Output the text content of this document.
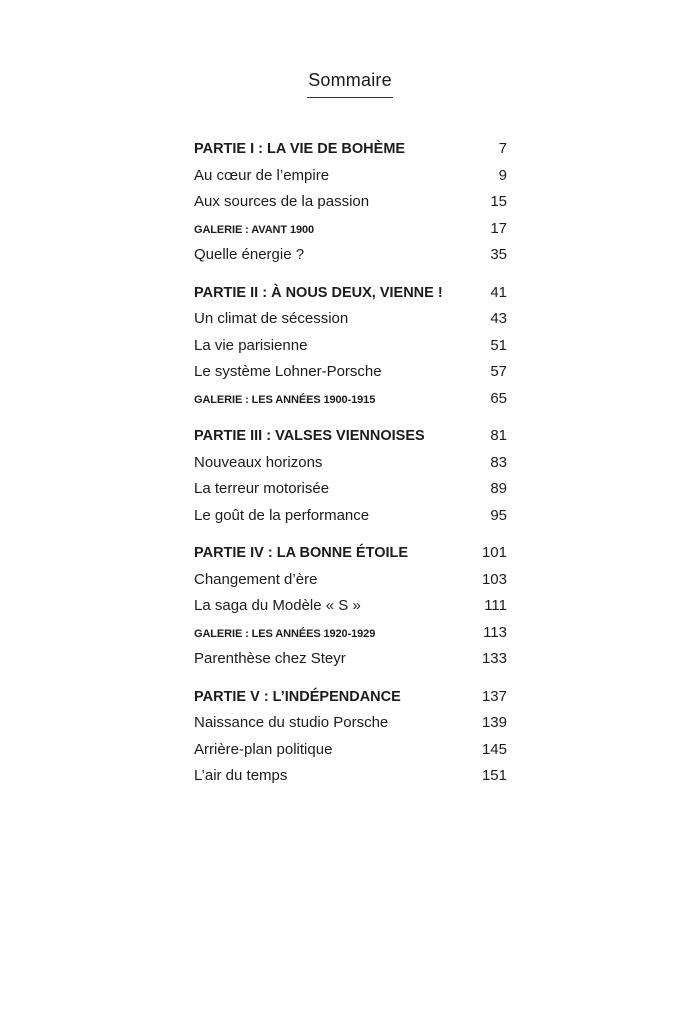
Sommaire
PARTIE I : LA VIE DE BOHÈME	7
Au cœur de l’empire	9
Aux sources de la passion	15
GALERIE : AVANT 1900	17
Quelle énergie ?	35
PARTIE II : À NOUS DEUX, VIENNE !	41
Un climat de sécession	43
La vie parisienne	51
Le système Lohner-Porsche	57
GALERIE : LES ANNÉES 1900-1915	65
PARTIE III : VALSES VIENNOISES	81
Nouveaux horizons	83
La terreur motorisée	89
Le goût de la performance	95
PARTIE IV : LA BONNE ÉTOILE	101
Changement d’ère	103
La saga du Modèle « S »	111
GALERIE : LES ANNÉES 1920-1929	113
Parenthèse chez Steyr	133
PARTIE V : L’INDÉPENDANCE	137
Naissance du studio Porsche	139
Arrière-plan politique	145
L’air du temps	151
